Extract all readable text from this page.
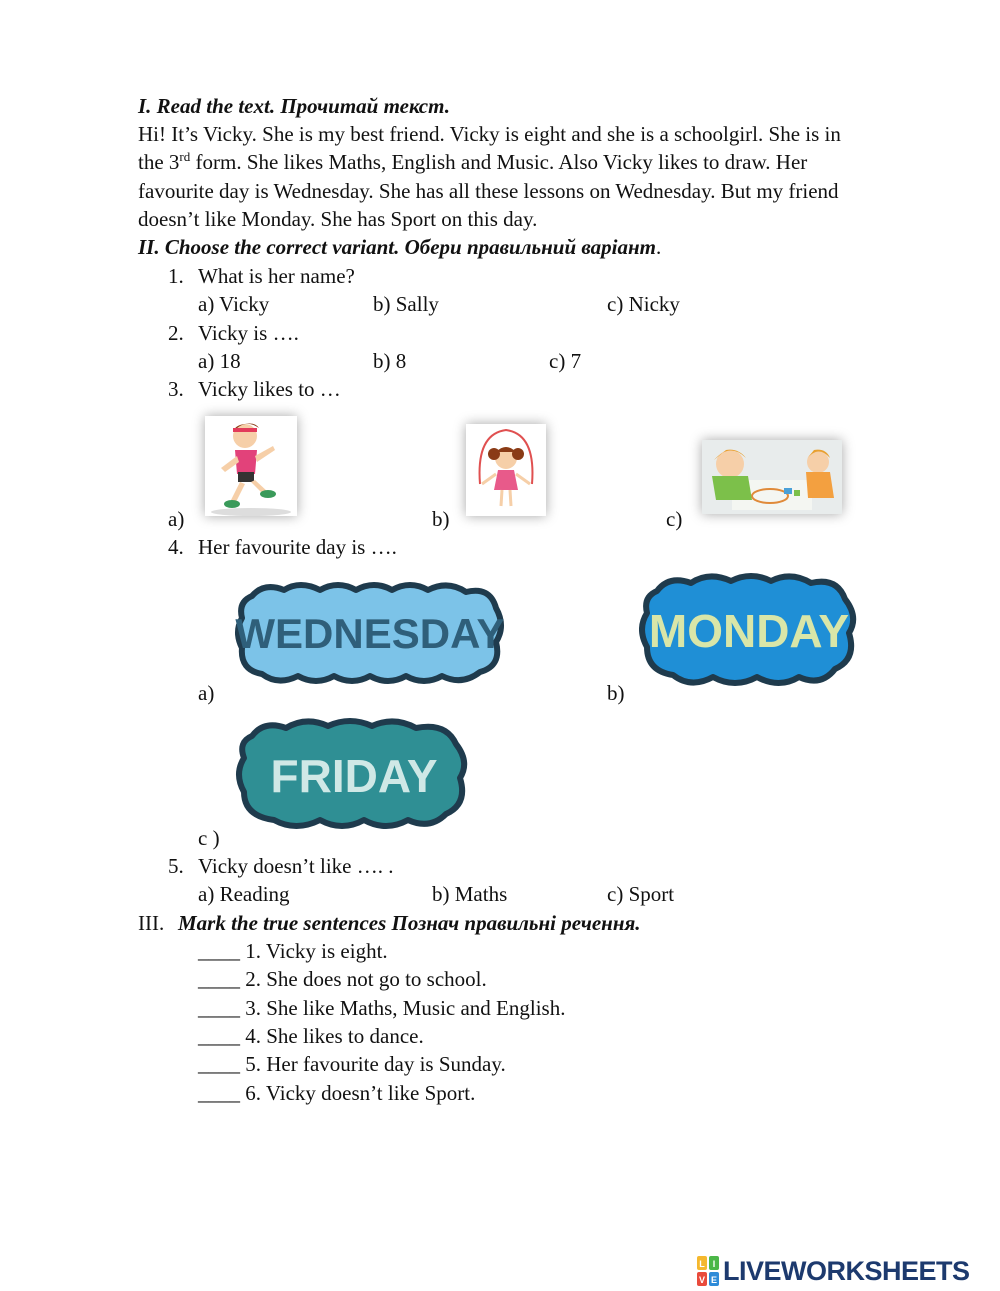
I. Read the text. Прочитай текст.
Hi! It’s Vicky. She is my best friend. Vicky is eight and she is a schoolgirl. She is in
the 3rd form. She likes Maths, English and Music. Also Vicky likes to draw. Her
favourite day is Wednesday. She has all these lessons on Wednesday. But my friend
doesn’t like Monday. She has Sport on this day.
II. Choose the correct variant. Обери правильний варіант.
1. What is her name?
a) Vicky	b) Sally	c) Nicky
2. Vicky is ….
a) 18	b) 8	c) 7
3. Vicky likes to …
a)	b)	c)
4. Her favourite day is ….
WEDNESDAY	MONDAY
a)	b)
FRIDAY
c )
5. Vicky doesn’t like …. .
a) Reading	b) Maths	c) Sport
III. Mark the true sentences Познач правильні речення.
____ 1. Vicky is eight.
____ 2. She does not go to school.
____ 3. She like Maths, Music and English.
____ 4. She likes to dance.
____ 5. Her favourite day is Sunday.
____ 6. Vicky doesn’t like Sport.
L I
V E LIVEWORKSHEETS
